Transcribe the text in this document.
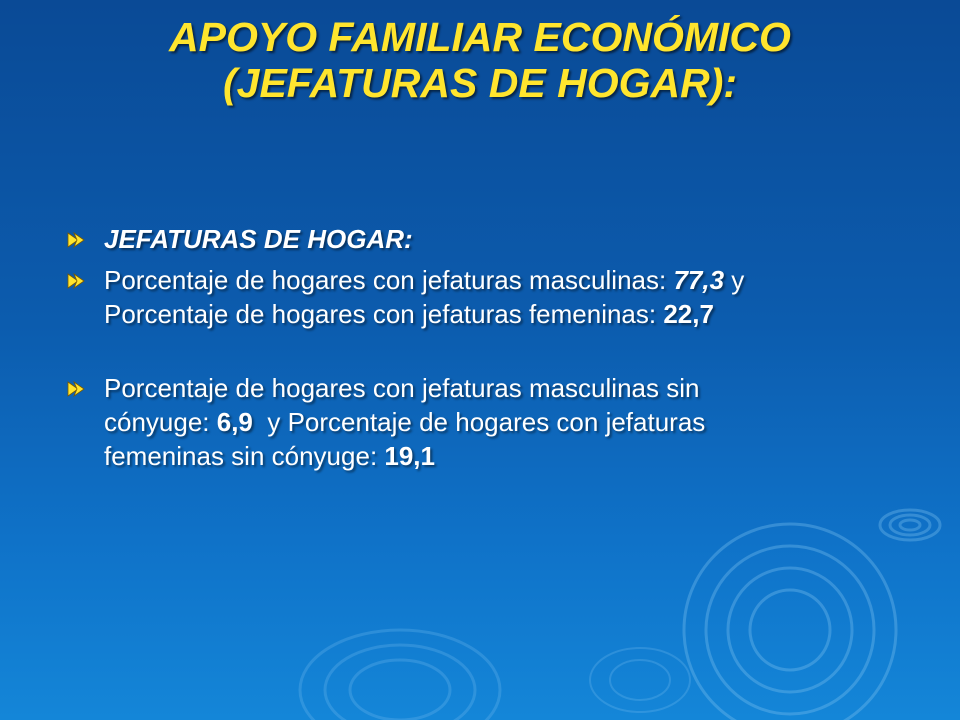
APOYO FAMILIAR ECONÓMICO
(JEFATURAS DE HOGAR):
JEFATURAS DE HOGAR:
Porcentaje de hogares con jefaturas masculinas: 77,3 y
Porcentaje de hogares con jefaturas femeninas: 22,7
Porcentaje de hogares con jefaturas masculinas sin
cónyuge: 6,9  y Porcentaje de hogares con jefaturas
femeninas sin cónyuge: 19,1
